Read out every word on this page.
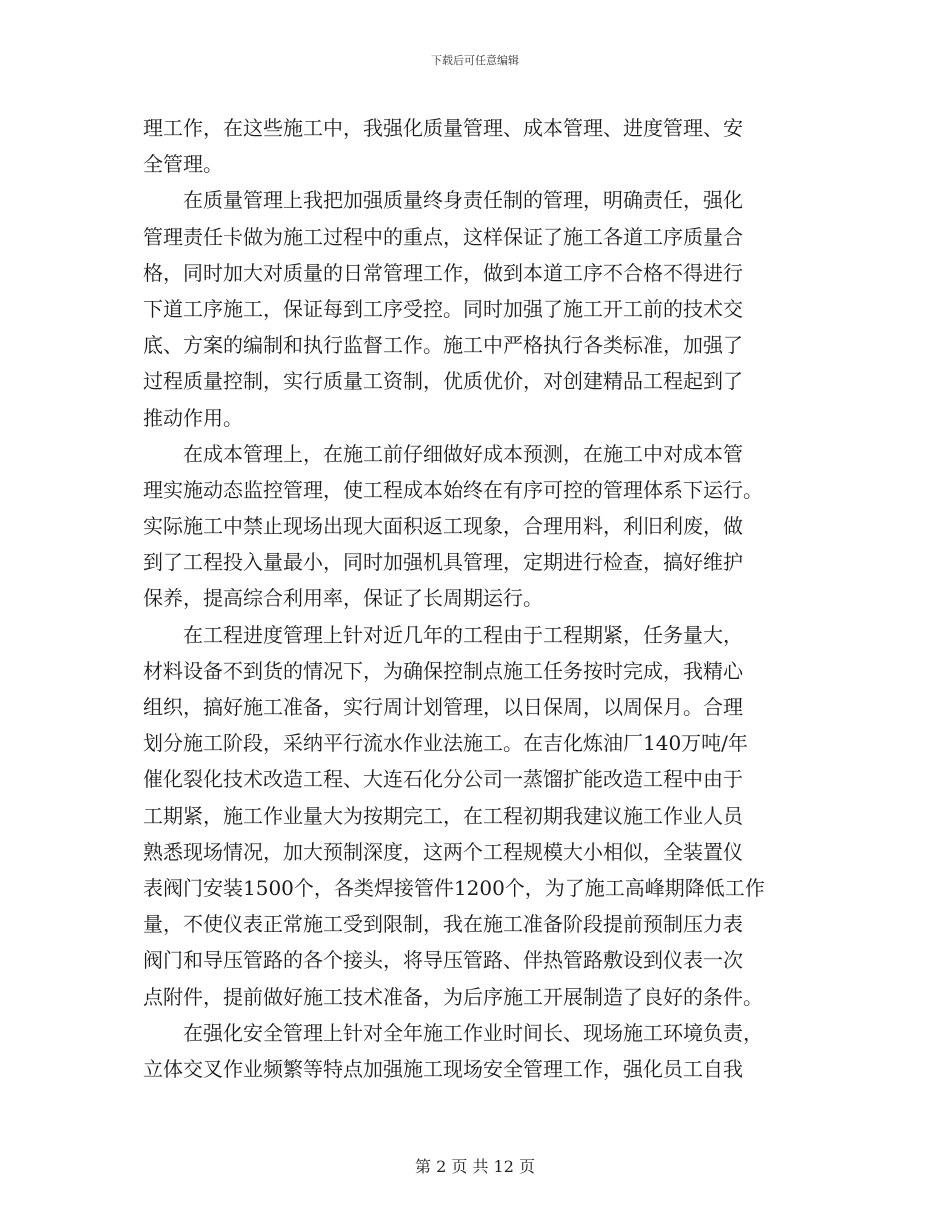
下载后可任意编辑
理工作，在这些施工中，我强化质量管理、成本管理、进度管理、安
全管理。
　　在质量管理上我把加强质量终身责任制的管理，明确责任，强化
管理责任卡做为施工过程中的重点，这样保证了施工各道工序质量合
格，同时加大对质量的日常管理工作，做到本道工序不合格不得进行
下道工序施工，保证每到工序受控。同时加强了施工开工前的技术交
底、方案的编制和执行监督工作。施工中严格执行各类标准，加强了
过程质量控制，实行质量工资制，优质优价，对创建精品工程起到了
推动作用。
　　在成本管理上，在施工前仔细做好成本预测，在施工中对成本管
理实施动态监控管理，使工程成本始终在有序可控的管理体系下运行。
实际施工中禁止现场出现大面积返工现象，合理用料，利旧利废，做
到了工程投入量最小，同时加强机具管理，定期进行检查，搞好维护
保养，提高综合利用率，保证了长周期运行。
　　在工程进度管理上针对近几年的工程由于工程期紧，任务量大，
材料设备不到货的情况下，为确保控制点施工任务按时完成，我精心
组织，搞好施工准备，实行周计划管理，以日保周，以周保月。合理
划分施工阶段，采纳平行流水作业法施工。在吉化炼油厂140万吨/年
催化裂化技术改造工程、大连石化分公司一蒸馏扩能改造工程中由于
工期紧，施工作业量大为按期完工，在工程初期我建议施工作业人员
熟悉现场情况，加大预制深度，这两个工程规模大小相似，全装置仪
表阀门安装1500个，各类焊接管件1200个，为了施工高峰期降低工作
量，不使仪表正常施工受到限制，我在施工准备阶段提前预制压力表
阀门和导压管路的各个接头，将导压管路、伴热管路敷设到仪表一次
点附件，提前做好施工技术准备，为后序施工开展制造了良好的条件。
　　在强化安全管理上针对全年施工作业时间长、现场施工环境负责，
立体交叉作业频繁等特点加强施工现场安全管理工作，强化员工自我
第 2 页 共 12 页
